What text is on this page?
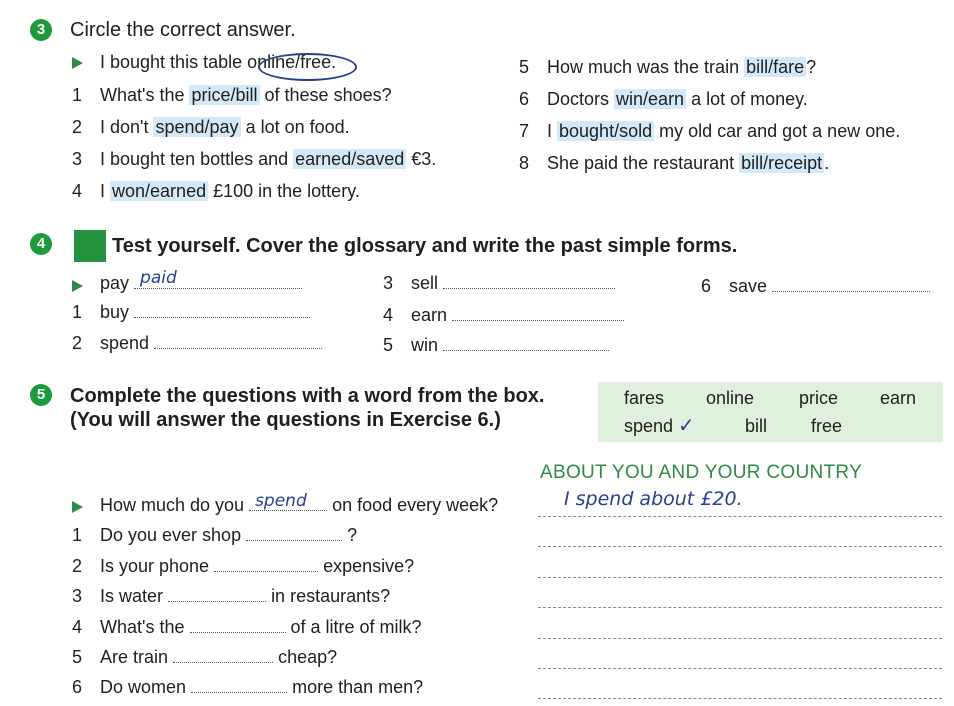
3	Circle the correct answer.
I bought this table online/free.
1 What's the price/bill of these shoes?
2 I don't spend/pay a lot on food.
3 I bought ten bottles and earned/saved €3.
4 I won/earned £100 in the lottery.
5 How much was the train bill/fare ?
6 Doctors win/earn a lot of money.
7 I bought/sold my old car and got a new one.
8 She paid the restaurant bill/receipt .
4	Test yourself. Cover the glossary and write the past simple forms.
pay paid
1 buy
2 spend
3 sell
4 earn
5 win
6 save
5	Complete the questions with a word from the box.
(You will answer the questions in Exercise 6.)
fares online price earn
spend ✓	bill free
ABOUT YOU AND YOUR COUNTRY
How much do you spend on food every week?	I spend about £20.
1 Do you ever shop	?
2 Is your phone	expensive?
3 Is water	in restaurants?
4 What's the	of a litre of milk?
5 Are train	cheap?
6 Do women	more than men?
